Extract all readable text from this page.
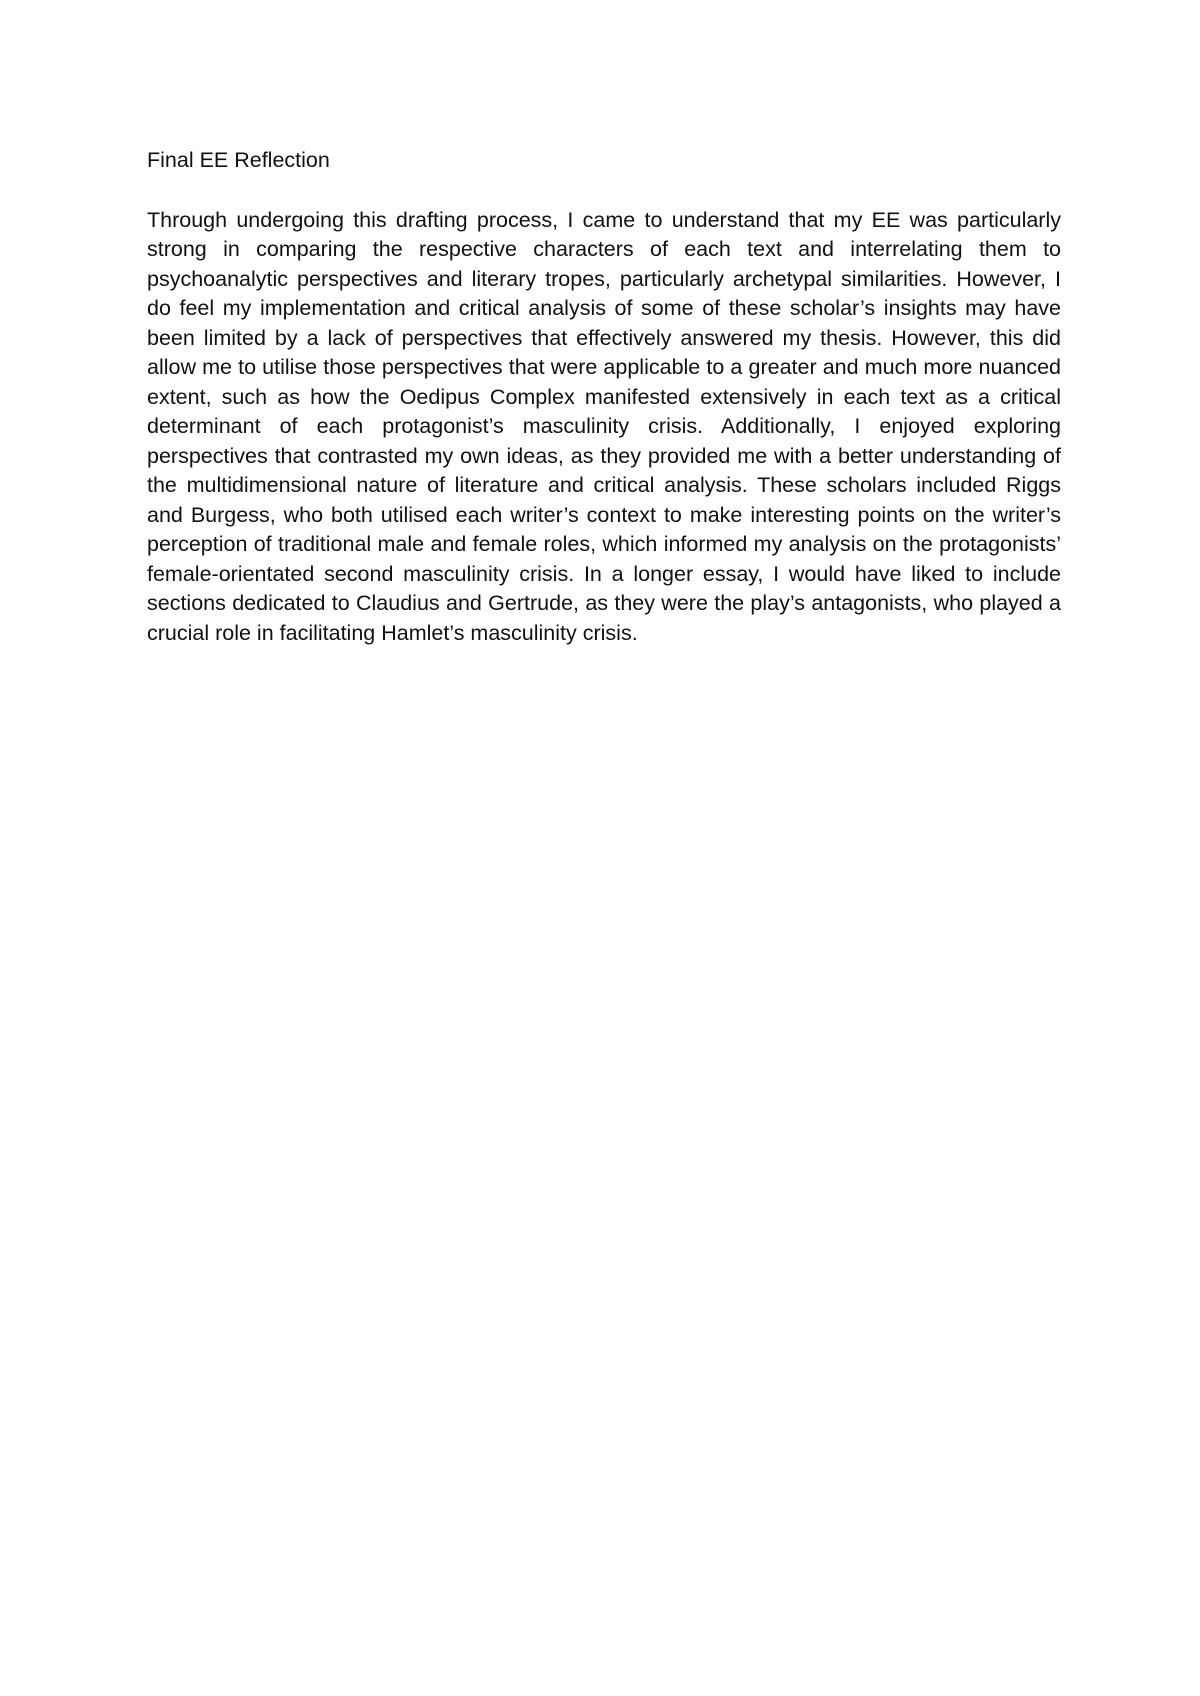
Final EE Reflection

Through undergoing this drafting process, I came to understand that my EE was particularly strong in comparing the respective characters of each text and interrelating them to psychoanalytic perspectives and literary tropes, particularly archetypal similarities. However, I do feel my implementation and critical analysis of some of these scholar’s insights may have been limited by a lack of perspectives that effectively answered my thesis. However, this did allow me to utilise those perspectives that were applicable to a greater and much more nuanced extent, such as how the Oedipus Complex manifested extensively in each text as a critical determinant of each protagonist’s masculinity crisis. Additionally, I enjoyed exploring perspectives that contrasted my own ideas, as they provided me with a better understanding of the multidimensional nature of literature and critical analysis. These scholars included Riggs and Burgess, who both utilised each writer’s context to make interesting points on the writer’s perception of traditional male and female roles, which informed my analysis on the protagonists’ female-orientated second masculinity crisis. In a longer essay, I would have liked to include sections dedicated to Claudius and Gertrude, as they were the play’s antagonists, who played a crucial role in facilitating Hamlet’s masculinity crisis.
